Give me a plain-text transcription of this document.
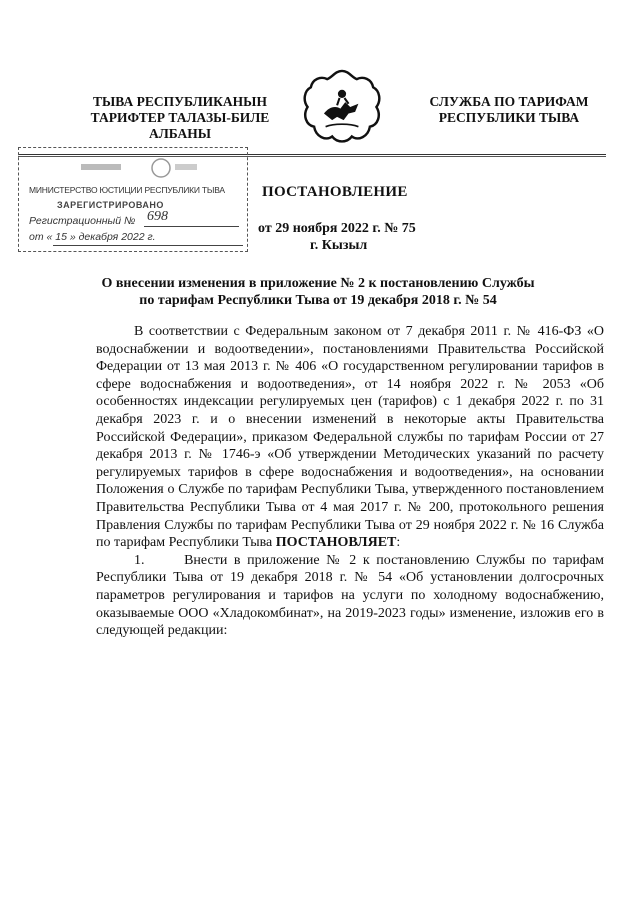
ТЫВА РЕСПУБЛИКАНЫН
ТАРИФТЕР ТАЛАЗЫ-БИЛЕ
АЛБАНЫ
СЛУЖБА ПО ТАРИФАМ
РЕСПУБЛИКИ ТЫВА
МИНИСТЕРСТВО ЮСТИЦИИ РЕСПУБЛИКИ ТЫВА
ЗАРЕГИСТРИРОВАНО
Регистрационный № 698
от « 15 » декабря 2022 г.
ПОСТАНОВЛЕНИЕ
от 29 ноября 2022 г. № 75
г. Кызыл
О внесении изменения в приложение № 2 к постановлению Службы
по тарифам Республики Тыва от 19 декабря 2018 г. № 54

В соответствии с Федеральным законом от 7 декабря 2011 г. № 416-ФЗ «О водоснабжении и водоотведении», постановлениями Правительства Российской Федерации от 13 мая 2013 г. № 406 «О государственном регулировании тарифов в сфере водоснабжения и водоотведения», от 14 ноября 2022 г. № 2053 «Об особенностях индексации регулируемых цен (тарифов) с 1 декабря 2022 г. по 31 декабря 2023 г. и о внесении изменений в некоторые акты Правительства Российской Федерации», приказом Федеральной службы по тарифам России от 27 декабря 2013 г. № 1746-э «Об утверждении Методических указаний по расчету регулируемых тарифов в сфере водоснабжения и водоотведения», на основании Положения о Службе по тарифам Республики Тыва, утвержденного постановлением Правительства Республики Тыва от 4 мая 2017 г. № 200, протокольного решения Правления Службы по тарифам Республики Тыва от 29 ноября 2022 г. № 16 Служба по тарифам Республики Тыва ПОСТАНОВЛЯЕТ:

1.	Внести в приложение № 2 к постановлению Службы по тарифам Республики Тыва от 19 декабря 2018 г. № 54 «Об установлении долгосрочных параметров регулирования и тарифов на услуги по холодному водоснабжению, оказываемые ООО «Хладокомбинат», на 2019-2023 годы» изменение, изложив его в следующей редакции:
